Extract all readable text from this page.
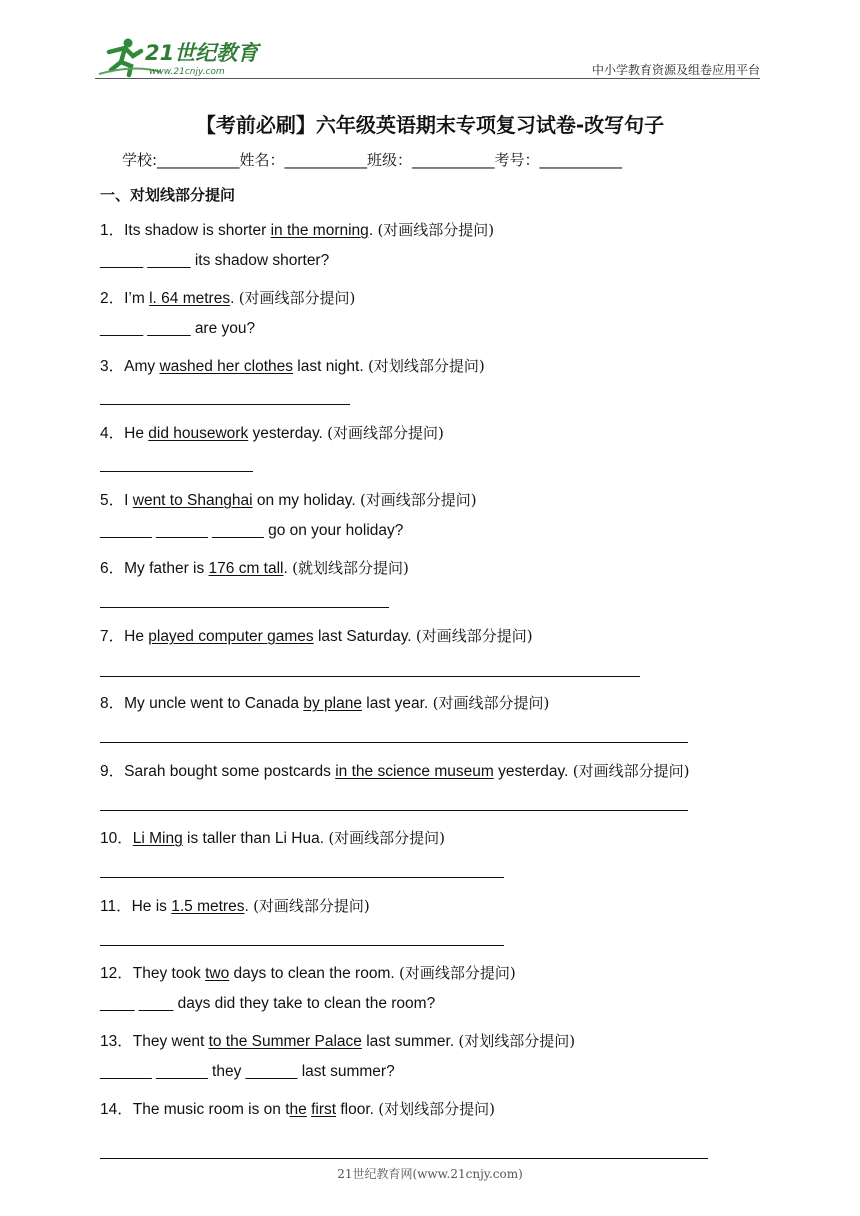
21世纪教育
www.21cnjy.com	中小学教育资源及组卷应用平台
【考前必刷】六年级英语期末专项复习试卷-改写句子
学校:___________姓名：___________班级：___________考号：___________
一、对划线部分提问
1．Its shadow is shorter in the morning. (对画线部分提问)
_____ _____ its shadow shorter?
2．I’m l. 64 metres. (对画线部分提问)
_____ _____ are you?
3．Amy washed her clothes last night. (对划线部分提问)
4．He did housework yesterday. (对画线部分提问)
5．I went to Shanghai on my holiday. (对画线部分提问)
______ ______ ______ go on your holiday?
6．My father is 176 cm tall. (就划线部分提问)
7．He played computer games last Saturday. (对画线部分提问)
8．My uncle went to Canada by plane last year. (对画线部分提问)
9．Sarah bought some postcards in the science museum yesterday. (对画线部分提问)
10．Li Ming is taller than Li Hua. (对画线部分提问)
11．He is 1.5 metres. (对画线部分提问)
12．They took two days to clean the room. (对画线部分提问)
____ ____ days did they take to clean the room?
13．They went to the Summer Palace last summer. (对划线部分提问)
______ ______ they ______ last summer?
14．The music room is on the first floor. (对划线部分提问)
21世纪教育网(www.21cnjy.com)
